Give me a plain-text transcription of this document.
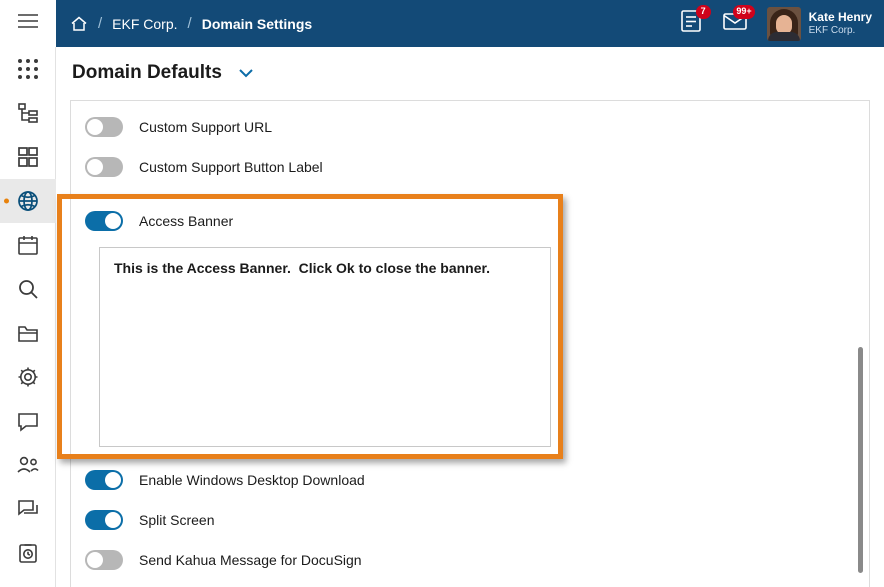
/ EKF Corp. / Domain Settings
7	99+	Kate Henry
EKF Corp.
Domain Defaults
Custom Support URL
Custom Support Button Label
Access Banner
This is the Access Banner. Click Ok to close the banner.
Enable Windows Desktop Download
Split Screen
Send Kahua Message for DocuSign
